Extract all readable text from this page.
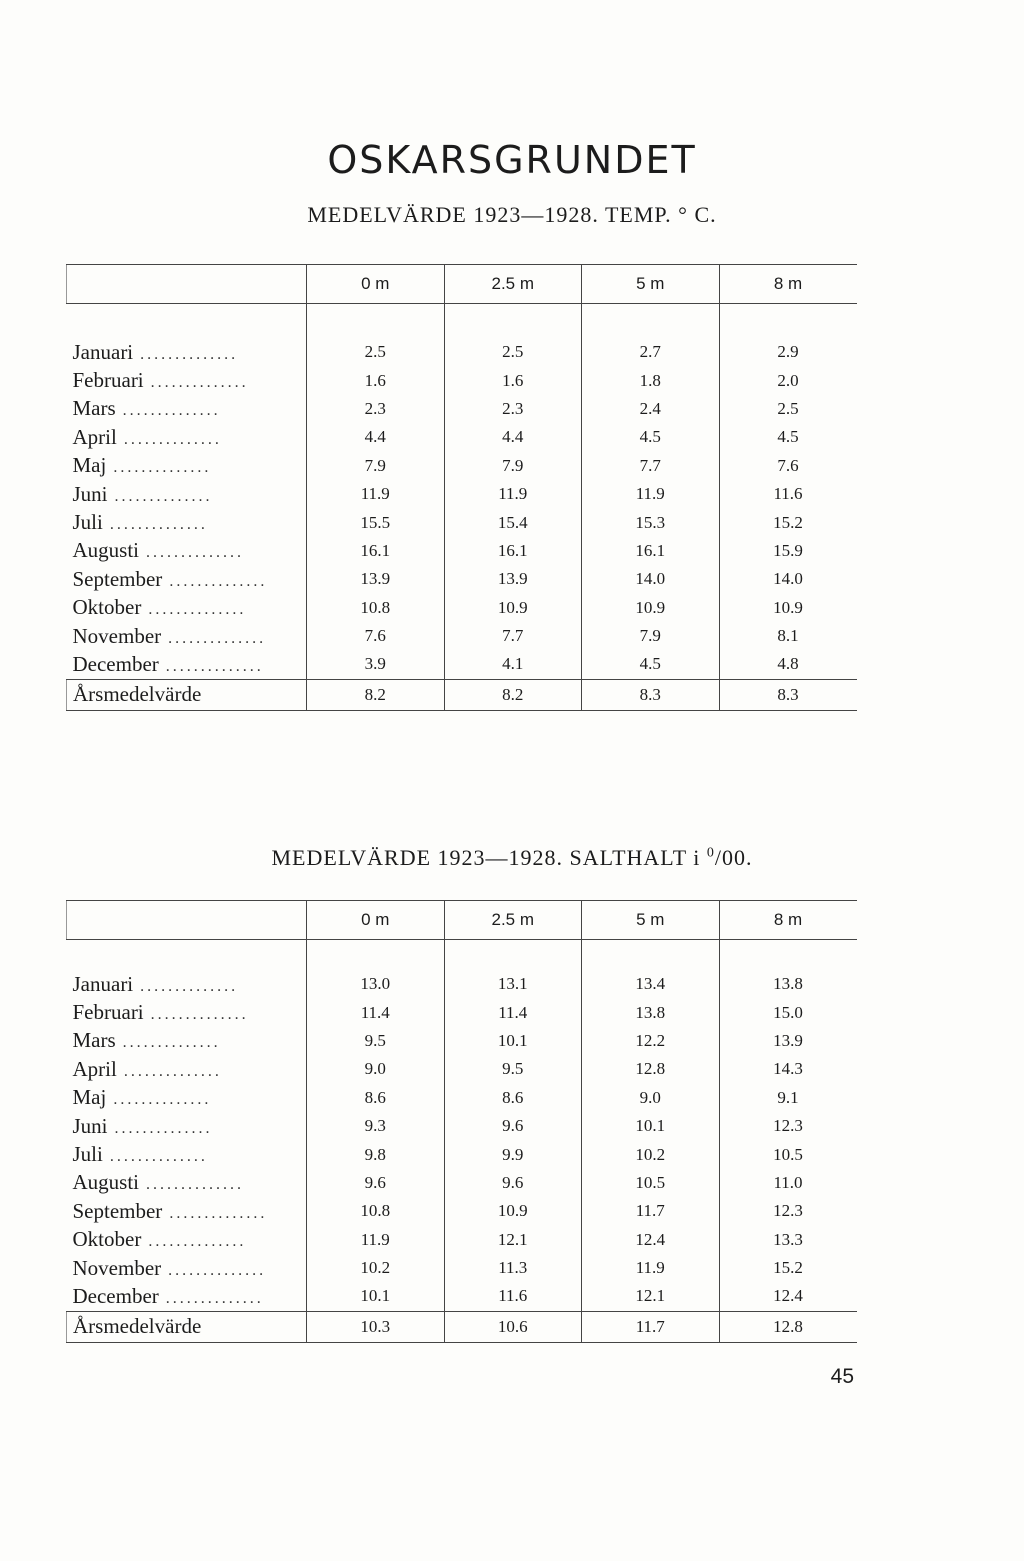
OSKARSGRUNDET
MEDELVÄRDE 1923—1928. TEMP. ° C.
	0 m	2.5 m	5 m	8 m

Januari ..............	2.5	2.5	2.7	2.9
Februari ..............	1.6	1.6	1.8	2.0
Mars ..............	2.3	2.3	2.4	2.5
April ..............	4.4	4.4	4.5	4.5
Maj ..............	7.9	7.9	7.7	7.6
Juni ..............	11.9	11.9	11.9	11.6
Juli ..............	15.5	15.4	15.3	15.2
Augusti ..............	16.1	16.1	16.1	15.9
September ..............	13.9	13.9	14.0	14.0
Oktober ..............	10.8	10.9	10.9	10.9
November ..............	7.6	7.7	7.9	8.1
December ..............	3.9	4.1	4.5	4.8
Årsmedelvärde	8.2	8.2	8.3	8.3
MEDELVÄRDE 1923—1928. SALTHALT i $^0$/00.
	0 m	2.5 m	5 m	8 m

Januari ..............	13.0	13.1	13.4	13.8
Februari ..............	11.4	11.4	13.8	15.0
Mars ..............	9.5	10.1	12.2	13.9
April ..............	9.0	9.5	12.8	14.3
Maj ..............	8.6	8.6	9.0	9.1
Juni ..............	9.3	9.6	10.1	12.3
Juli ..............	9.8	9.9	10.2	10.5
Augusti ..............	9.6	9.6	10.5	11.0
September ..............	10.8	10.9	11.7	12.3
Oktober ..............	11.9	12.1	12.4	13.3
November ..............	10.2	11.3	11.9	15.2
December ..............	10.1	11.6	12.1	12.4
Årsmedelvärde	10.3	10.6	11.7	12.8
45
